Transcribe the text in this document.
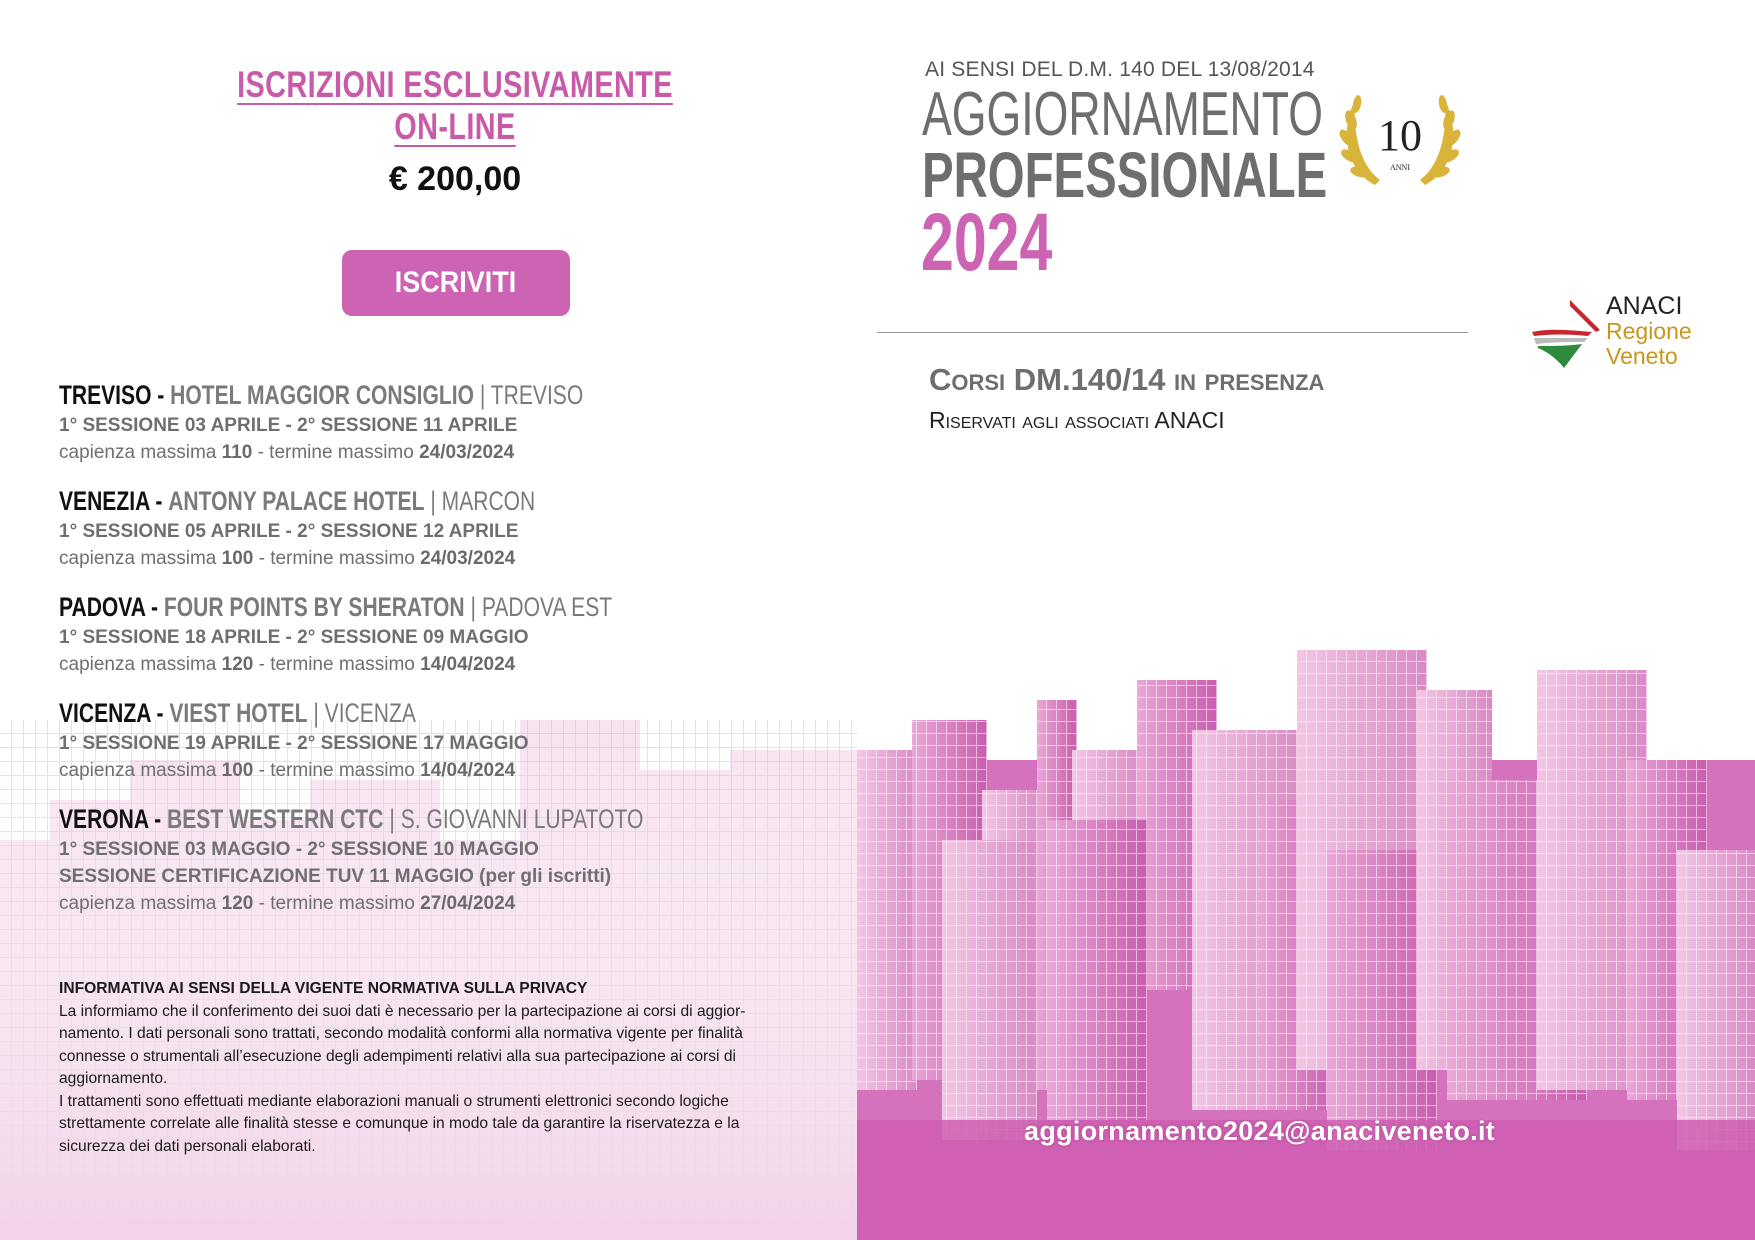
ISCRIZIONI ESCLUSIVAMENTE ON-LINE
€ 200,00
ISCRIVITI
TREVISO - HOTEL MAGGIOR CONSIGLIO | TREVISO
1° SESSIONE 03 APRILE - 2° SESSIONE 11 APRILE
capienza massima 110 - termine massimo 24/03/2024
VENEZIA - ANTONY PALACE HOTEL | MARCON
1° SESSIONE 05 APRILE - 2° SESSIONE 12 APRILE
capienza massima 100 - termine massimo 24/03/2024
PADOVA - FOUR POINTS BY SHERATON | PADOVA EST
1° SESSIONE 18 APRILE - 2° SESSIONE 09 MAGGIO
capienza massima 120 - termine massimo 14/04/2024
VICENZA - VIEST HOTEL | VICENZA
1° SESSIONE 19 APRILE - 2° SESSIONE 17 MAGGIO
capienza massima 100 - termine massimo 14/04/2024
VERONA - BEST WESTERN CTC | S. GIOVANNI LUPATOTO
1° SESSIONE 03 MAGGIO - 2° SESSIONE 10 MAGGIO
SESSIONE CERTIFICAZIONE TUV 11 MAGGIO (per gli iscritti)
capienza massima 120 - termine massimo 27/04/2024
INFORMATIVA AI SENSI DELLA VIGENTE NORMATIVA SULLA PRIVACY
La informiamo che il conferimento dei suoi dati è necessario per la partecipazione ai corsi di aggior-
namento. I dati personali sono trattati, secondo modalità conformi alla normativa vigente per finalità
connesse o strumentali all’esecuzione degli adempimenti relativi alla sua partecipazione ai corsi di
aggiornamento.
I trattamenti sono effettuati mediante elaborazioni manuali o strumenti elettronici secondo logiche
strettamente correlate alle finalità stesse e comunque in modo tale da garantire la riservatezza e la
sicurezza dei dati personali elaborati.
AI SENSI DEL D.M. 140 DEL 13/08/2014
AGGIORNAMENTO
PROFESSIONALE
2024
10
ANNI
Corsi DM.140/14 in presenza
Riservati agli associati ANACI
ANACI
Regione
Veneto
aggiornamento2024@anaciveneto.it
